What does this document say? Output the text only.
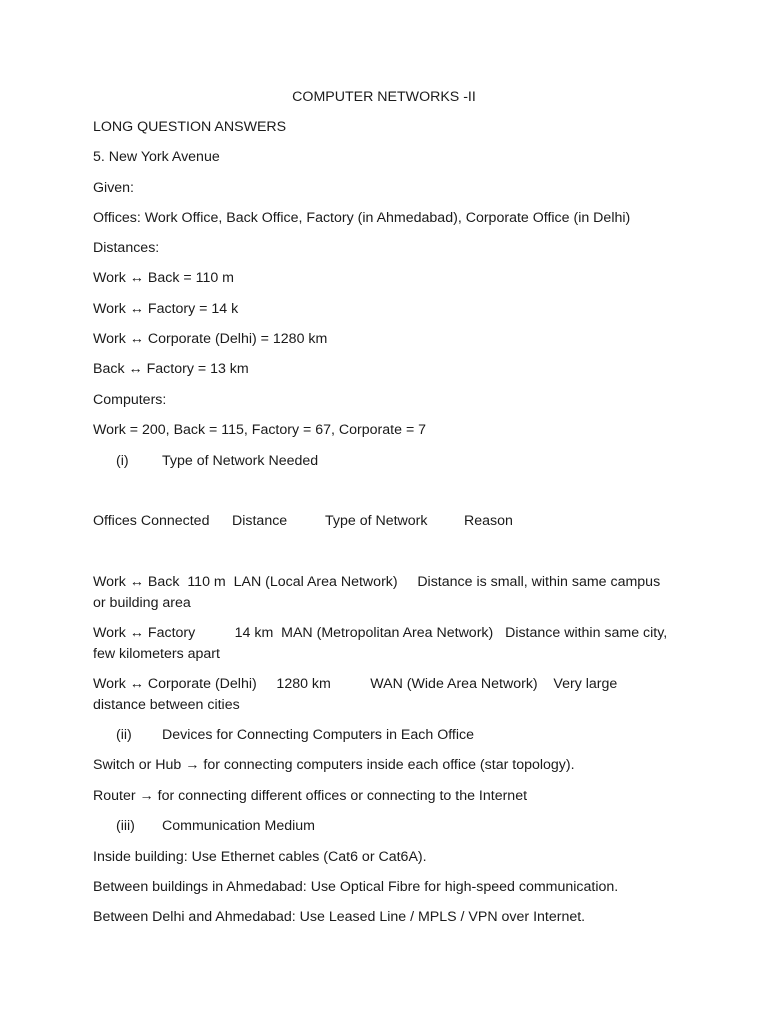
COMPUTER NETWORKS -II
LONG QUESTION ANSWERS
5. New York Avenue
Given:
Offices: Work Office, Back Office, Factory (in Ahmedabad), Corporate Office (in Delhi)
Distances:
Work ↔ Back = 110 m
Work ↔ Factory = 14 k
Work ↔ Corporate (Delhi) = 1280 km
Back ↔ Factory = 13 km
Computers:
Work = 200, Back = 115, Factory = 67, Corporate = 7
(i) Type of Network Needed
Offices Connected Distance	Type of Network	Reason
Work ↔ Back  110 m  LAN (Local Area Network)     Distance is small, within same campus or building area
Work ↔ Factory          14 km  MAN (Metropolitan Area Network)   Distance within same city, few kilometers apart
Work ↔ Corporate (Delhi)     1280 km          WAN (Wide Area Network)    Very large distance between cities
(ii) Devices for Connecting Computers in Each Office
Switch or Hub → for connecting computers inside each office (star topology).
Router → for connecting different offices or connecting to the Internet
(iii) Communication Medium
Inside building: Use Ethernet cables (Cat6 or Cat6A).
Between buildings in Ahmedabad: Use Optical Fibre for high-speed communication.
Between Delhi and Ahmedabad: Use Leased Line / MPLS / VPN over Internet.
